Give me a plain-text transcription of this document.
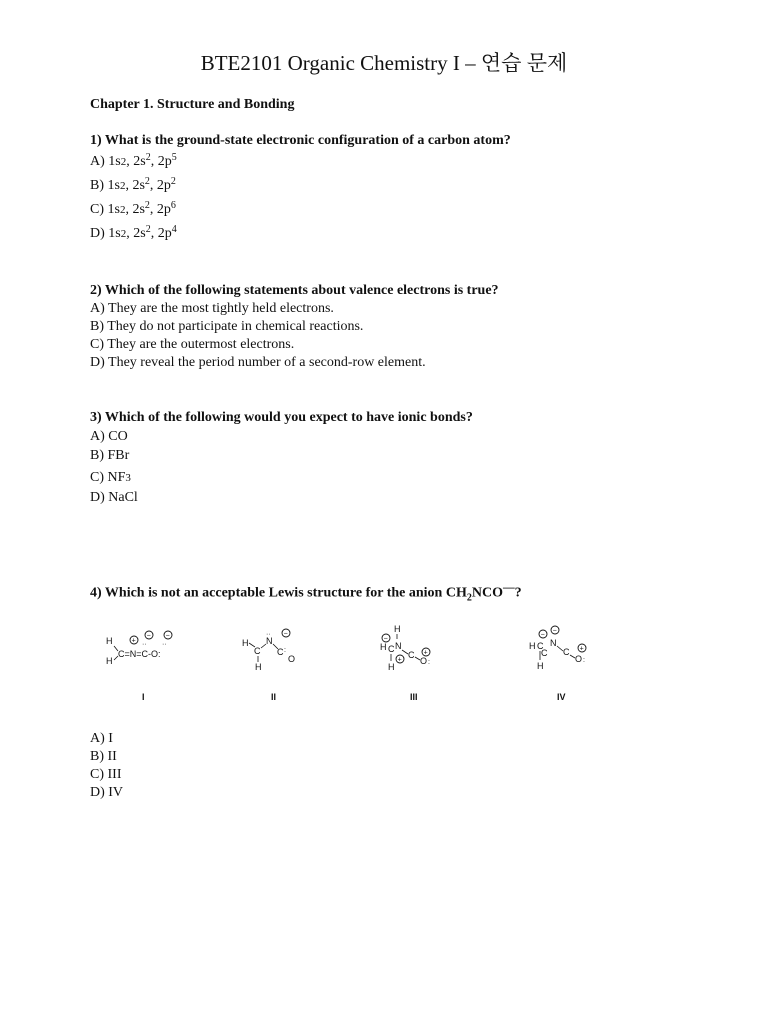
BTE2101 Organic Chemistry I – 연습 문제
Chapter 1. Structure and Bonding

1) What is the ground-state electronic configuration of a carbon atom?

A) 1s2, $2s^2$, $2p^5$

B) 1s2, $2s^2$, $2p^2$

C) 1s2, $2s^2$, $2p^6$

D) 1s2, $2s^2$, $2p^4$

2) Which of the following statements about valence electrons is true?

A) They are the most tightly held electrons.

B) They do not participate in chemical reactions.

C) They are the outermost electrons.

D) They reveal the period number of a second-row element.

3) Which of the following would you expect to have ionic bonds?

A) CO

B) FBr

C) NF3

D) NaCl

4) Which is not an acceptable Lewis structure for the anion $CH_2NCO^—$?

H
H
C=N=C-O:
+
− −
··
··
I
H
C
H
N
··
C
O
−
:
II
H
−
H C
H
N
+ C
O :
+
III
−
−
H C
H
N
C C
O :
+
IV
A) I
B) II
C) III
D) IV
